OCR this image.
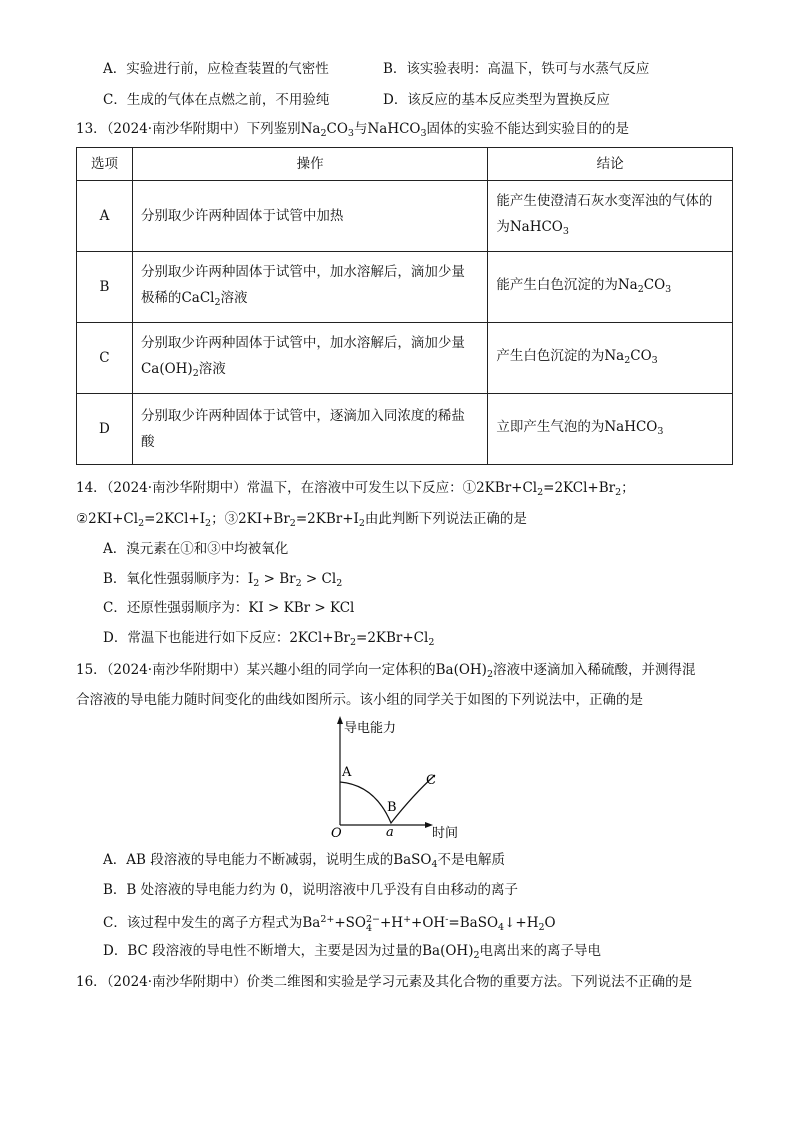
A．实验进行前，应检查装置的气密性	B．该实验表明：高温下，铁可与水蒸气反应
C．生成的气体在点燃之前，不用验纯	D．该反应的基本反应类型为置换反应
13．（2024·南沙华附期中）下列鉴别$Na_2CO_3$与NaHCO$_3$固体的实验不能达到实验目的的是
选项	操作	结论
A	分别取少许两种固体于试管中加热	能产生使澄清石灰水变浑浊的气体的
为NaHCO$_3$
B	分别取少许两种固体于试管中，加水溶解后，滴加少量
极稀的CaCl$_2$溶液	能产生白色沉淀的为$Na_2CO_3$
C	分别取少许两种固体于试管中，加水溶解后，滴加少量
$Ca(OH)_2$溶液	产生白色沉淀的为$Na_2CO_3$
D	分别取少许两种固体于试管中，逐滴加入同浓度的稀盐
酸	立即产生气泡的为NaHCO$_3$
14．（2024·南沙华附期中）常温下，在溶液中可发生以下反应：$①2KBr+Cl_2=2KCl+Br_2$；
$②2KI+Cl_2=2KCl+I_2$；$③2KI+Br_2=2KBr+I_2$由此判断下列说法正确的是
A．溴元素在①和③中均被氧化
B．氧化性强弱顺序为：$I_2 > Br_2 > Cl_2$
C．还原性强弱顺序为：KI > KBr > KCl
D．常温下也能进行如下反应：$2KCl+Br_2=2KBr+Cl_2$
15．（2024·南沙华附期中）某兴趣小组的同学向一定体积的$Ba(OH)_2$溶液中逐滴加入稀硫酸，并测得混
合溶液的导电能力随时间变化的曲线如图所示。该小组的同学关于如图的下列说法中，正确的是
导电能力
时间
O	a
A
B
C
A．AB 段溶液的导电能力不断减弱，说明生成的BaSO$_4$不是电解质
B．B 处溶液的导电能力约为 0，说明溶液中几乎没有自由移动的离子
C．该过程中发生的离子方程式为$Ba^{2+}+SO2-$
$4 +H^++OH^-=BaSO_4↓+H_2O$
D．BC 段溶液的导电性不断增大，主要是因为过量的$Ba(OH)_2$电离出来的离子导电
16．（2024·南沙华附期中）价类二维图和实验是学习元素及其化合物的重要方法。下列说法不正确的是
